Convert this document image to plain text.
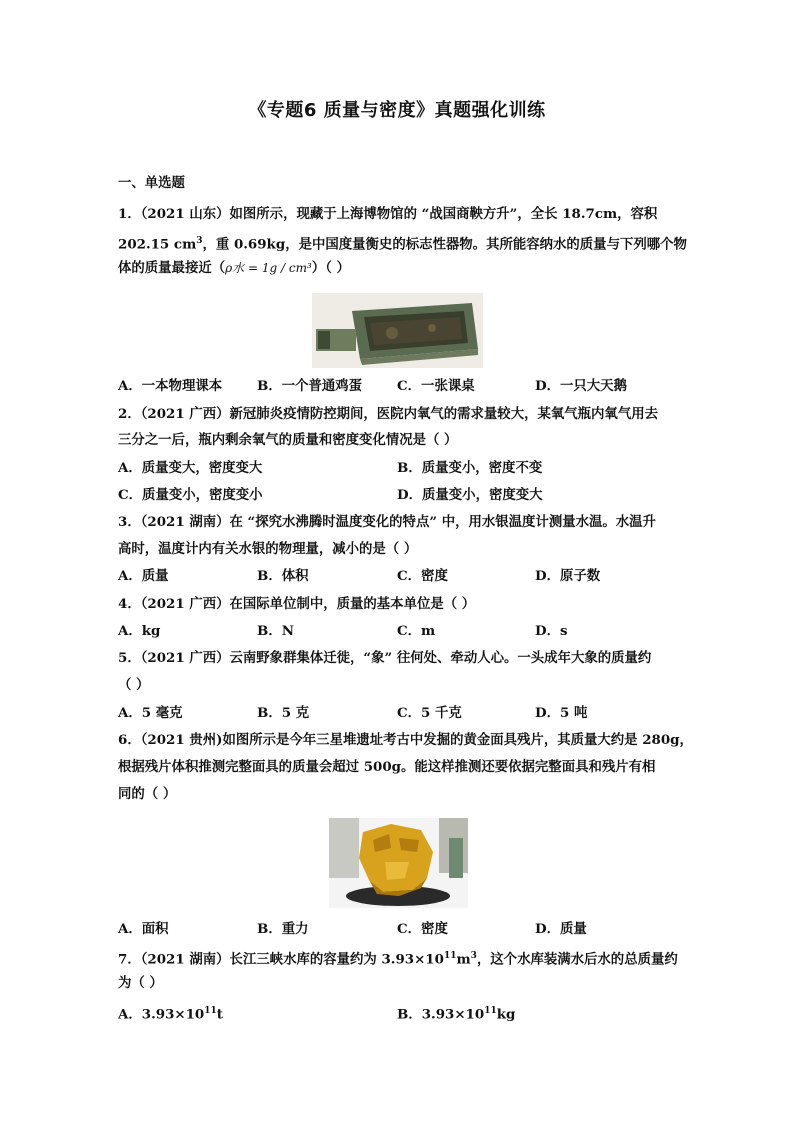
《专题6 质量与密度》真题强化训练
一、单选题
1．（2021 山东）如图所示，现藏于上海博物馆的 “战国商鞅方升”，全长 18.7cm，容积
202.15 $cm^3$，重 0.69kg，是中国度量衡史的标志性器物。其所能容纳水的质量与下列哪个物
体的质量最接近（ρ水 = 1g / cm³）（ ）
A．一本物理课本	B．一个普通鸡蛋	C．一张课桌	D．一只大天鹅
2．（2021 广西）新冠肺炎疫情防控期间，医院内氧气的需求量较大，某氧气瓶内氧气用去
三分之一后，瓶内剩余氧气的质量和密度变化情况是（ ）
A．质量变大，密度变大	B．质量变小，密度不变
C．质量变小，密度变小	D．质量变小，密度变大
3．（2021 湖南）在 “探究水沸腾时温度变化的特点” 中，用水银温度计测量水温。水温升
高时，温度计内有关水银的物理量，减小的是（ ）
A．质量	B．体积	C．密度	D．原子数
4．（2021 广西）在国际单位制中，质量的基本单位是（ ）
A．kg	B．N	C．m	D．s
5．（2021 广西）云南野象群集体迁徙，“象” 往何处、牵动人心。一头成年大象的质量约
（ ）
A．5 毫克	B．5 克	C．5 千克	D．5 吨
6．（2021 贵州)如图所示是今年三星堆遗址考古中发掘的黄金面具残片，其质量大约是 280g，
根据残片体积推测完整面具的质量会超过 500g。能这样推测还要依据完整面具和残片有相
同的（ ）
A．面积	B．重力	C．密度	D．质量
7．（2021 湖南）长江三峡水库的容量约为 $3.93\times 10^{11}m^3$，这个水库装满水后水的总质量约
为（ ）
A．$3.93\times 10^{11}t$	B．$3.93\times 10^{11}kg$
